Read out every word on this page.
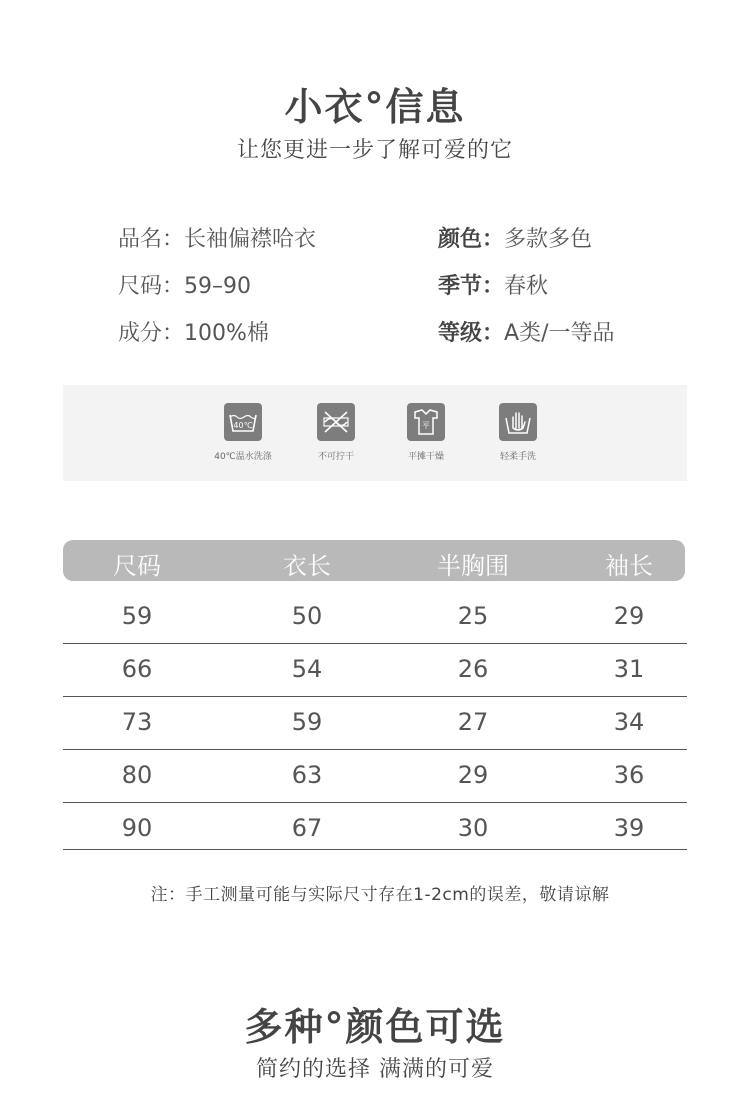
小衣°信息
让您更进一步了解可爱的它
品名：长袖偏襟哈衣
尺码：59–90
成分：100%棉
颜色：多款多色
季节：春秋
等级：A类/一等品
40℃
40℃温水洗涤	不可拧干
平
平摊干燥	轻柔手洗
尺码	衣长	半胸围	袖长
59	50	25	29
66	54	26	31
73	59	27	34
80	63	29	36
90	67	30	39
注：手工测量可能与实际尺寸存在1-2cm的误差，敬请谅解
多种°颜色可选
简约的选择 满满的可爱
